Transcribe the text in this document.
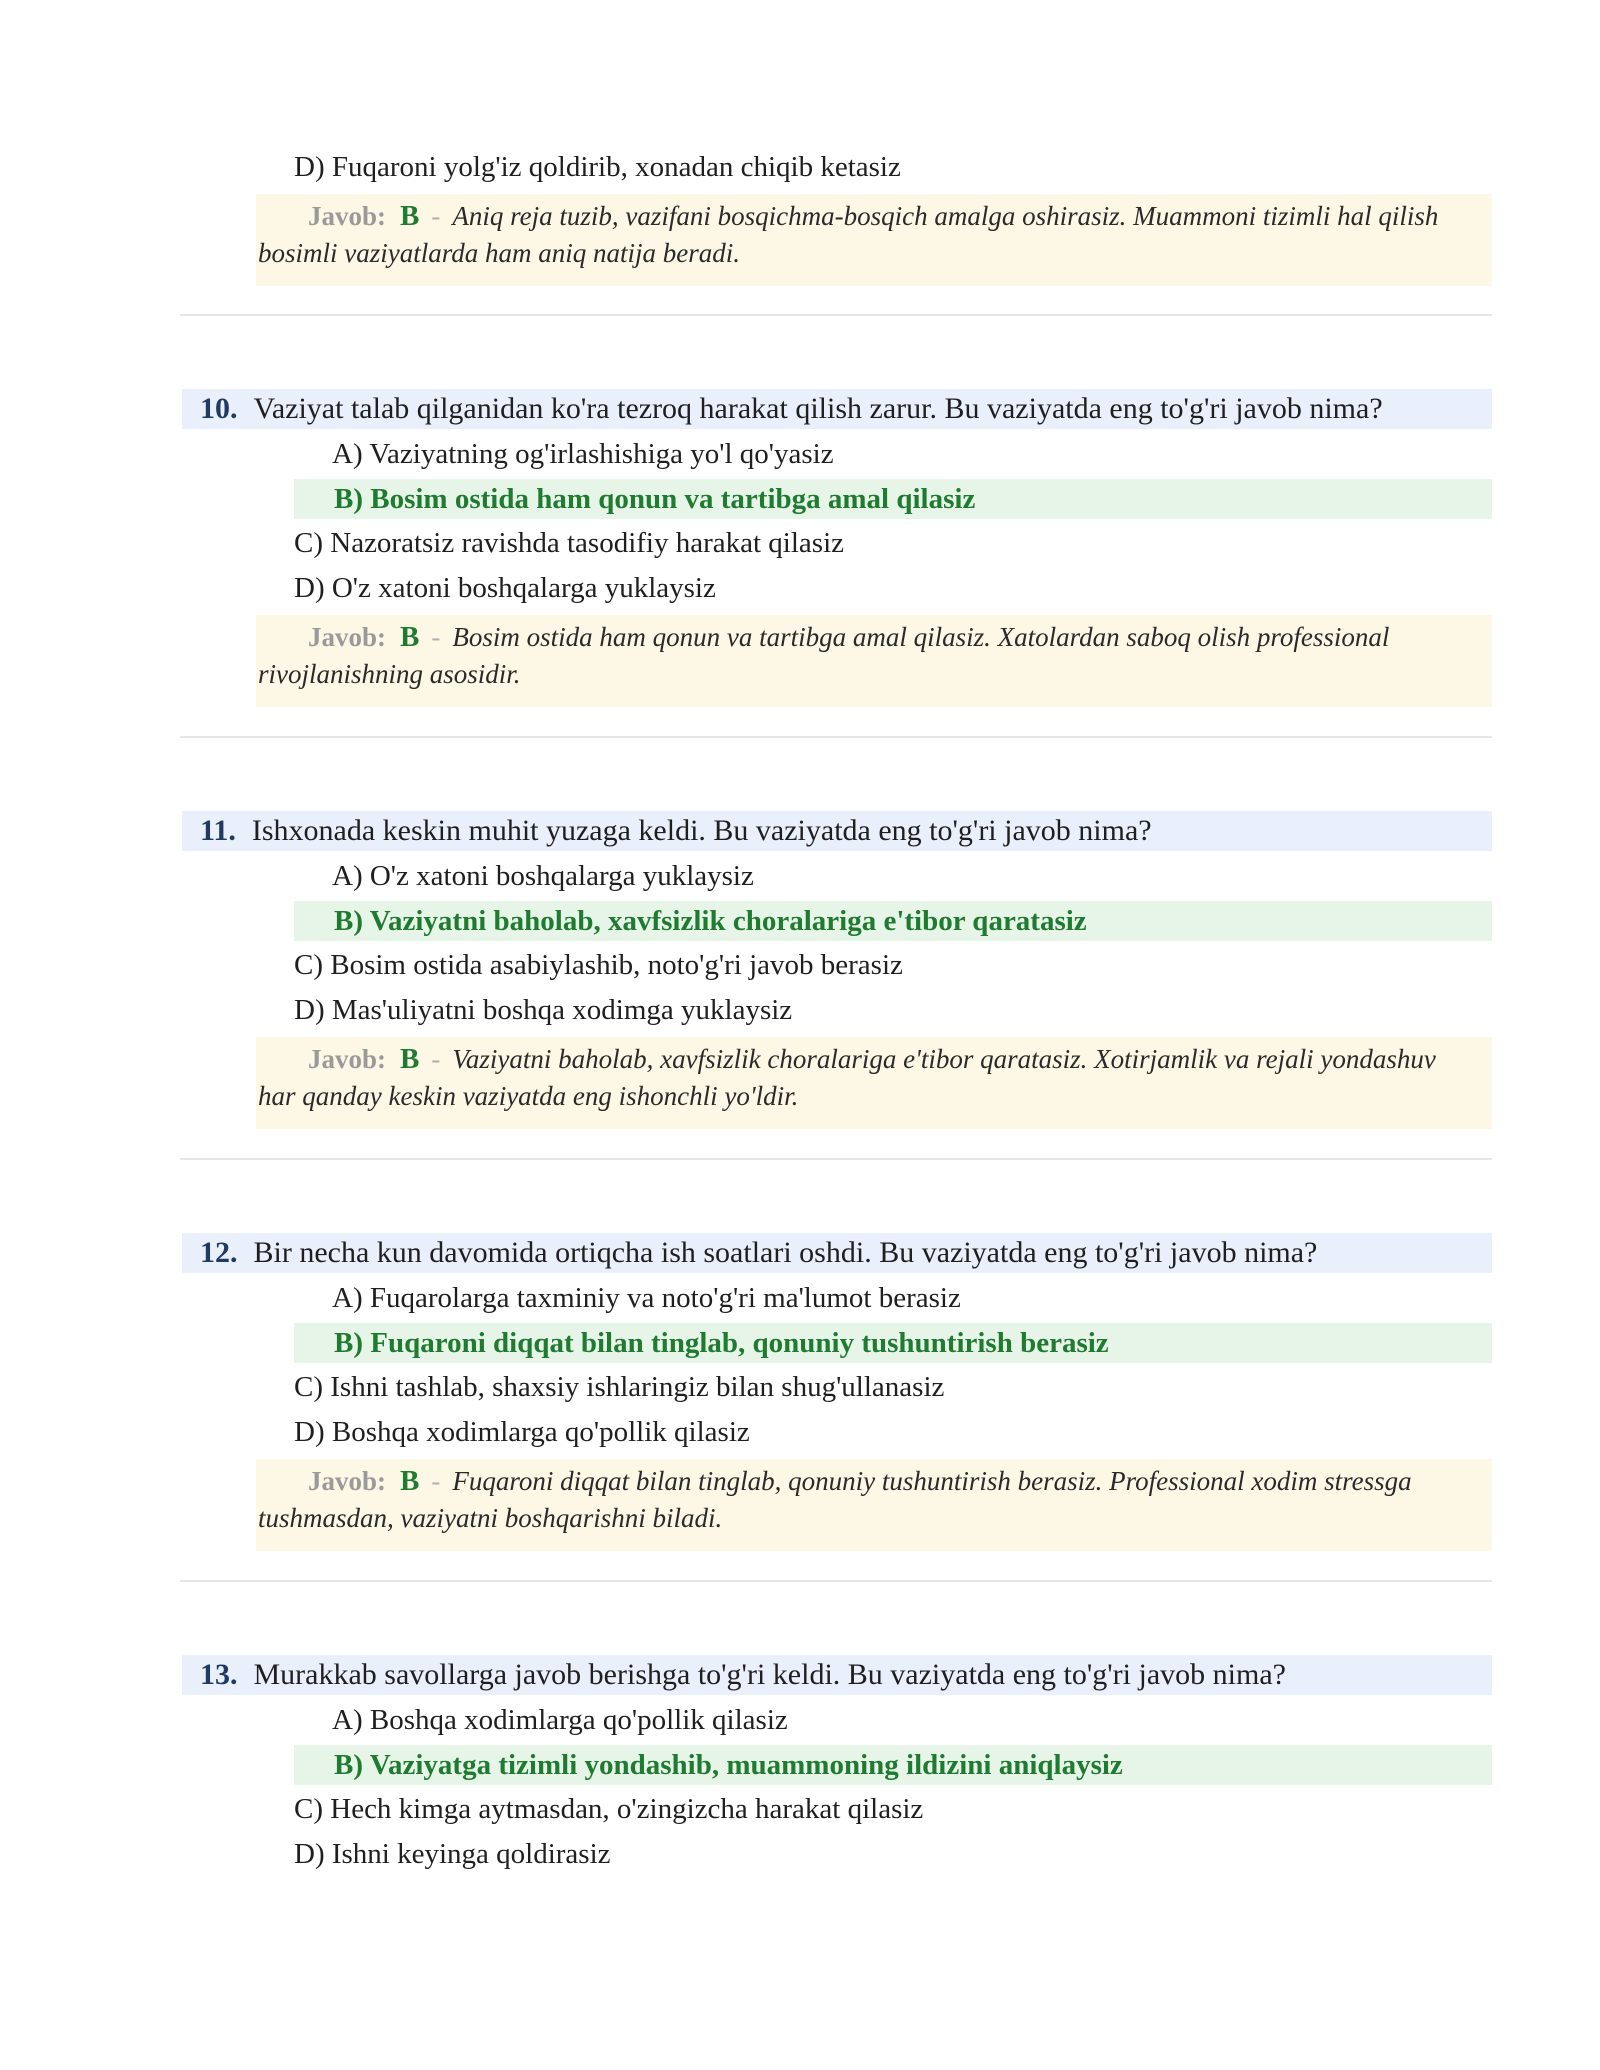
D) Fuqaroni yolg'iz qoldirib, xonadan chiqib ketasiz
Javob: B - Aniq reja tuzib, vazifani bosqichma-bosqich amalga oshirasiz. Muammoni tizimli hal qilish bosimli vaziyatlarda ham aniq natija beradi.
10. Vaziyat talab qilganidan ko'ra tezroq harakat qilish zarur. Bu vaziyatda eng to'g'ri javob nima?
A) Vaziyatning og'irlashishiga yo'l qo'yasiz
B) Bosim ostida ham qonun va tartibga amal qilasiz
C) Nazoratsiz ravishda tasodifiy harakat qilasiz
D) O'z xatoni boshqalarga yuklaysiz
Javob: B - Bosim ostida ham qonun va tartibga amal qilasiz. Xatolardan saboq olish professional rivojlanishning asosidir.
11. Ishxonada keskin muhit yuzaga keldi. Bu vaziyatda eng to'g'ri javob nima?
A) O'z xatoni boshqalarga yuklaysiz
B) Vaziyatni baholab, xavfsizlik choralariga e'tibor qaratasiz
C) Bosim ostida asabiylashib, noto'g'ri javob berasiz
D) Mas'uliyatni boshqa xodimga yuklaysiz
Javob: B - Vaziyatni baholab, xavfsizlik choralariga e'tibor qaratasiz. Xotirjamlik va rejali yondashuv har qanday keskin vaziyatda eng ishonchli yo'ldir.
12. Bir necha kun davomida ortiqcha ish soatlari oshdi. Bu vaziyatda eng to'g'ri javob nima?
A) Fuqarolarga taxminiy va noto'g'ri ma'lumot berasiz
B) Fuqaroni diqqat bilan tinglab, qonuniy tushuntirish berasiz
C) Ishni tashlab, shaxsiy ishlaringiz bilan shug'ullanasiz
D) Boshqa xodimlarga qo'pollik qilasiz
Javob: B - Fuqaroni diqqat bilan tinglab, qonuniy tushuntirish berasiz. Professional xodim stressga tushmasdan, vaziyatni boshqarishni biladi.
13. Murakkab savollarga javob berishga to'g'ri keldi. Bu vaziyatda eng to'g'ri javob nima?
A) Boshqa xodimlarga qo'pollik qilasiz
B) Vaziyatga tizimli yondashib, muammoning ildizini aniqlaysiz
C) Hech kimga aytmasdan, o'zingizcha harakat qilasiz
D) Ishni keyinga qoldirasiz
